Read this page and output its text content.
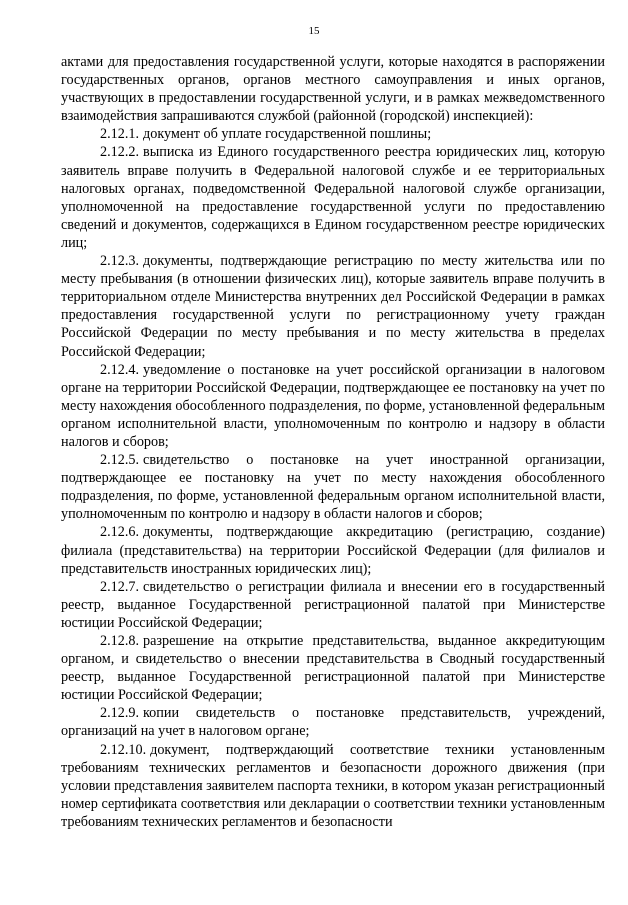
15

актами для предоставления государственной услуги, которые находятся в распоряжении государственных органов, органов местного самоуправления и иных органов, участвующих в предоставлении государственной услуги, и в рамках межведомственного взаимодействия запрашиваются службой (районной (городской) инспекцией):

2.12.1. документ об уплате государственной пошлины;

2.12.2. выписка из Единого государственного реестра юридических лиц, которую заявитель вправе получить в Федеральной налоговой службе и ее территориальных налоговых органах, подведомственной Федеральной налоговой службе организации, уполномоченной на предоставление государственной услуги по предоставлению сведений и документов, содержащихся в Едином государственном реестре юридических лиц;

2.12.3. документы, подтверждающие регистрацию по месту жительства или по месту пребывания (в отношении физических лиц), которые заявитель вправе получить в территориальном отделе Министерства внутренних дел Российской Федерации в рамках предоставления государственной услуги по регистрационному учету граждан Российской Федерации по месту пребывания и по месту жительства в пределах Российской Федерации;

2.12.4. уведомление о постановке на учет российской организации в налоговом органе на территории Российской Федерации, подтверждающее ее постановку на учет по месту нахождения обособленного подразделения, по форме, установленной федеральным органом исполнительной власти, уполномоченным по контролю и надзору в области налогов и сборов;

2.12.5. свидетельство о постановке на учет иностранной организации, подтверждающее ее постановку на учет по месту нахождения обособленного подразделения, по форме, установленной федеральным органом исполнительной власти, уполномоченным по контролю и надзору в области налогов и сборов;

2.12.6. документы, подтверждающие аккредитацию (регистрацию, создание) филиала (представительства) на территории Российской Федерации (для филиалов и представительств иностранных юридических лиц);

2.12.7. свидетельство о регистрации филиала и внесении его в государственный реестр, выданное Государственной регистрационной палатой при Министерстве юстиции Российской Федерации;

2.12.8. разрешение на открытие представительства, выданное аккредитующим органом, и свидетельство о внесении представительства в Сводный государственный реестр, выданное Государственной регистрационной палатой при Министерстве юстиции Российской Федерации;

2.12.9. копии свидетельств о постановке представительств, учреждений, организаций на учет в налоговом органе;

2.12.10. документ, подтверждающий соответствие техники установленным требованиям технических регламентов и безопасности дорожного движения (при условии представления заявителем паспорта техники, в котором указан регистрационный номер сертификата соответствия или декларации о соответствии техники установленным требованиям технических регламентов и безопасности
